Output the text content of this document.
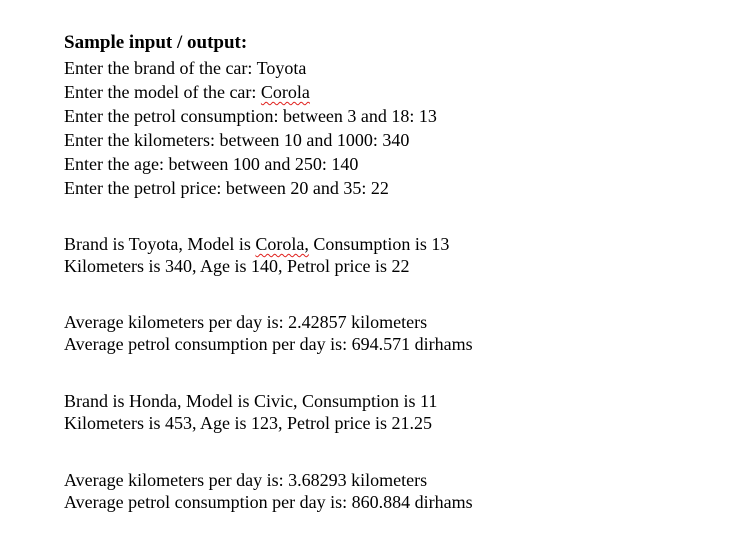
Sample input / output:

Enter the brand of the car: Toyota

Enter the model of the car: Corola

Enter the petrol consumption: between 3 and 18: 13

Enter the kilometers: between 10 and 1000: 340

Enter the age: between 100 and 250: 140

Enter the petrol price: between 20 and 35: 22

Brand is Toyota, Model is Corola, Consumption is 13

Kilometers is 340, Age is 140, Petrol price is 22

Average kilometers per day is: 2.42857 kilometers

Average petrol consumption per day is: 694.571 dirhams

Brand is Honda, Model is Civic, Consumption is 11

Kilometers is 453, Age is 123, Petrol price is 21.25

Average kilometers per day is: 3.68293 kilometers

Average petrol consumption per day is: 860.884 dirhams
